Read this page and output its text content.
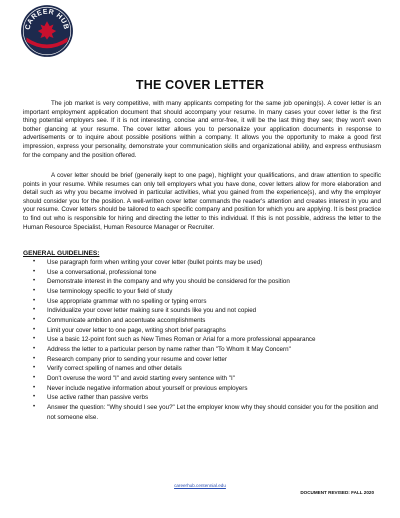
CAREER HUB
THE COVER LETTER

The job market is very competitive, with many applicants competing for the same job opening(s). A cover letter is an important employment application document that should accompany your resume. In many cases your cover letter is the first thing potential employers see. If it is not interesting, concise and error-free, it will be the last thing they see; they won't even bother glancing at your resume. The cover letter allows you to personalize your application documents in response to advertisements or to inquire about possible positions within a company. It allows you the opportunity to make a good first impression, express your personality, demonstrate your communication skills and organizational ability, and express enthusiasm for the company and the position offered.

A cover letter should be brief (generally kept to one page), highlight your qualifications, and draw attention to specific points in your resume. While resumes can only tell employers what you have done, cover letters allow for more elaboration and detail such as why you became involved in particular activities, what you gained from the experience(s), and why the employer should consider you for the position. A well-written cover letter commands the reader's attention and creates interest in you and your resume. Cover letters should be tailored to each specific company and position for which you are applying. It is best practice to find out who is responsible for hiring and directing the letter to this individual. If this is not possible, address the letter to the Human Resource Specialist, Human Resource Manager or Recruiter.

GENERAL GUIDELINES:
• Use paragraph form when writing your cover letter (bullet points may be used)
• Use a conversational, professional tone
• Demonstrate interest in the company and why you should be considered for the position
• Use terminology specific to your field of study
• Use appropriate grammar with no spelling or typing errors
• Individualize your cover letter making sure it sounds like you and not copied
• Communicate ambition and accentuate accomplishments
• Limit your cover letter to one page, writing short brief paragraphs
• Use a basic 12-point font such as New Times Roman or Arial for a more professional appearance
• Address the letter to a particular person by name rather than "To Whom It May Concern"
• Research company prior to sending your resume and cover letter
• Verify correct spelling of names and other details
• Don't overuse the word "I" and avoid starting every sentence with "I"
• Never include negative information about yourself or previous employers
• Use active rather than passive verbs
• Answer the question: "Why should I see you?" Let the employer know why they should consider you for the position and not someone else.
careerhub.centennial.edu
DOCUMENT REVISED: FALL 2020
